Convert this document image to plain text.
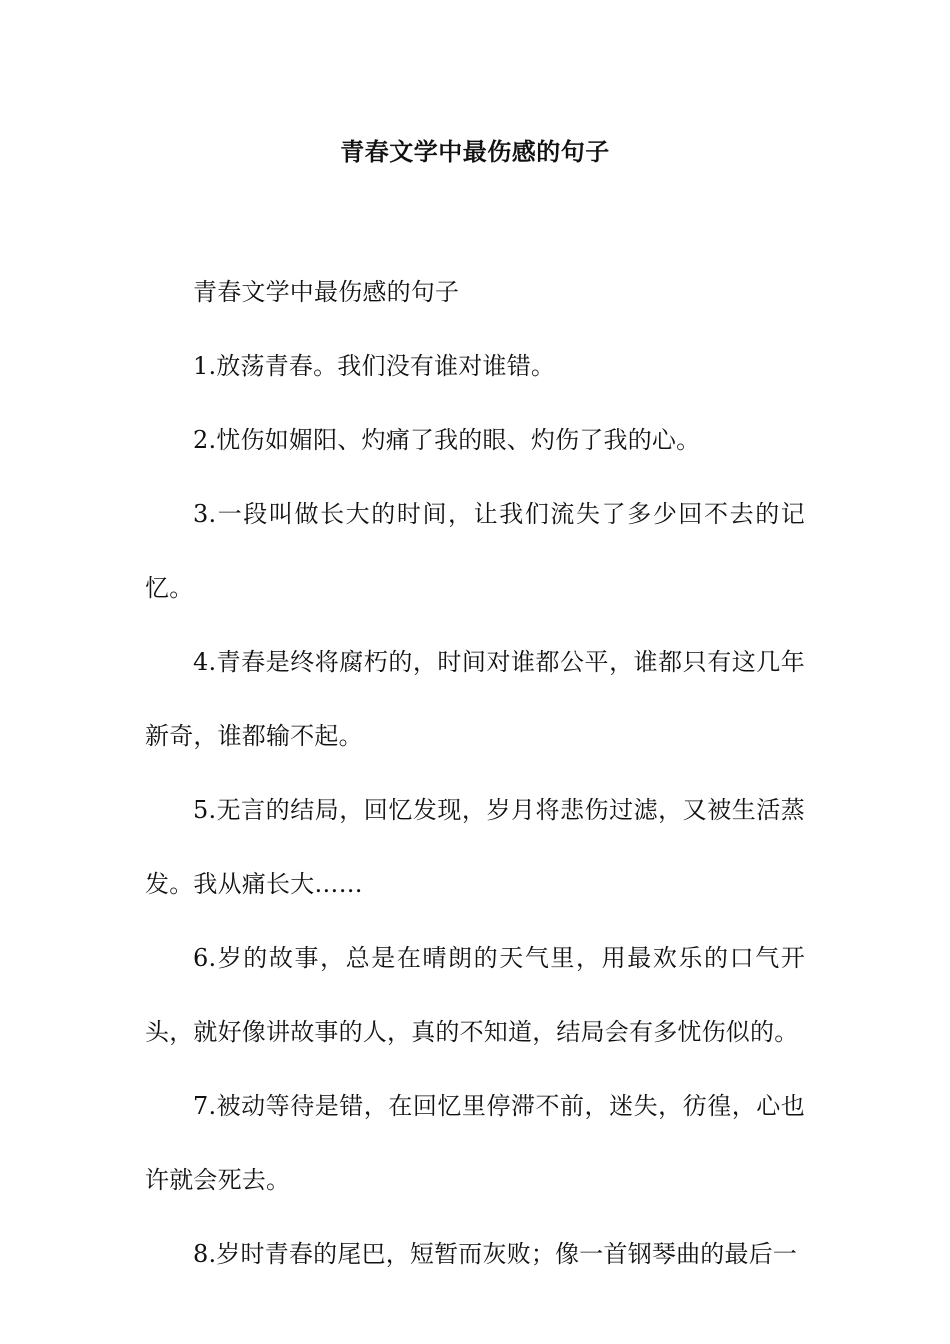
青春文学中最伤感的句子

青春文学中最伤感的句子

1.放荡青春。我们没有谁对谁错。

2.忧伤如媚阳、灼痛了我的眼、灼伤了我的心。

3.一段叫做长大的时间，让我们流失了多少回不去的记忆。

4.青春是终将腐朽的，时间对谁都公平，谁都只有这几年新奇，谁都输不起。

5.无言的结局，回忆发现，岁月将悲伤过滤，又被生活蒸发。我从痛长大……

6.岁的故事，总是在晴朗的天气里，用最欢乐的口气开头，就好像讲故事的人，真的不知道，结局会有多忧伤似的。

7.被动等待是错，在回忆里停滞不前，迷失，彷徨，心也许就会死去。

8.岁时青春的尾巴，短暂而灰败；像一首钢琴曲的最后一
